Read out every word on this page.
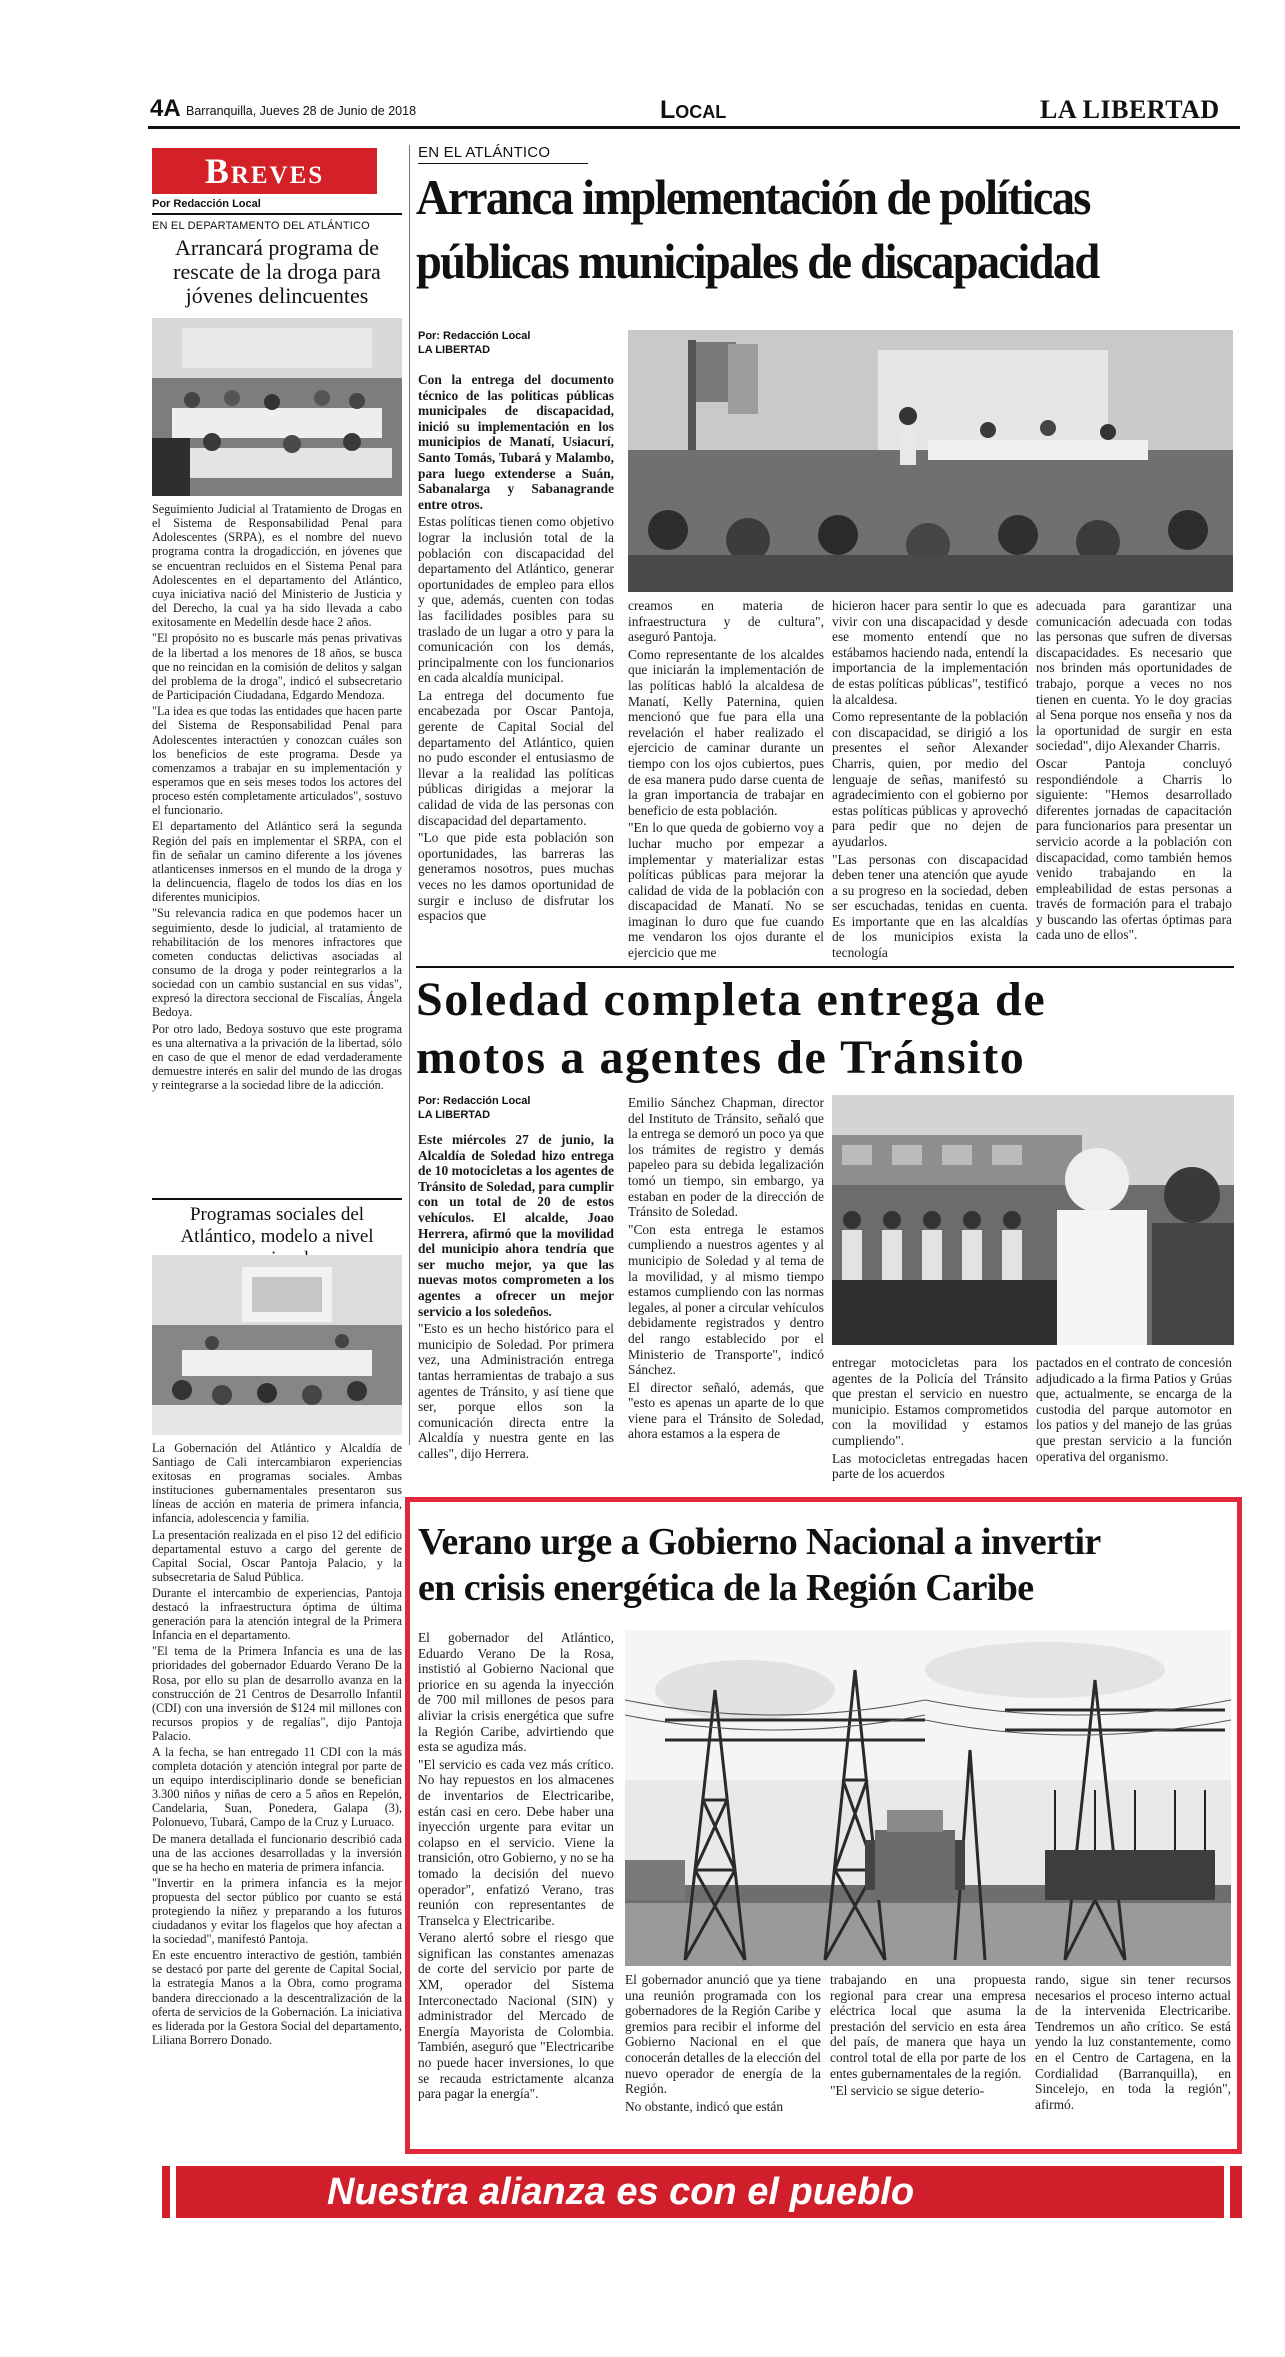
4A Barranquilla, Jueves 28 de Junio de 2018	Local	LA LIBERTAD
Breves
Por Redacción Local
EN EL DEPARTAMENTO DEL ATLÁNTICO
Arrancará programa de rescate de la droga para jóvenes delincuentes

Seguimiento Judicial al Tratamiento de Drogas en el Sistema de Responsabilidad Penal para Adolescentes (SRPA), es el nombre del nuevo programa contra la drogadicción, en jóvenes que se encuentran recluidos en el Sistema Penal para Adolescentes en el departamento del Atlántico, cuya iniciativa nació del Ministerio de Justicia y del Derecho, la cual ya ha sido llevada a cabo exitosamente en Medellín desde hace 2 años.

"El propósito no es buscarle más penas privativas de la libertad a los menores de 18 años, se busca que no reincidan en la comisión de delitos y salgan del problema de la droga", indicó el subsecretario de Participación Ciudadana, Edgardo Mendoza.

"La idea es que todas las entidades que hacen parte del Sistema de Responsabilidad Penal para Adolescentes interactúen y conozcan cuáles son los beneficios de este programa. Desde ya comenzamos a trabajar en su implementación y esperamos que en seis meses todos los actores del proceso estén completamente articulados", sostuvo el funcionario.

El departamento del Atlántico será la segunda Región del país en implementar el SRPA, con el fin de señalar un camino diferente a los jóvenes atlanticenses inmersos en el mundo de la droga y la delincuencia, flagelo de todos los días en los diferentes municipios.

"Su relevancia radica en que podemos hacer un seguimiento, desde lo judicial, al tratamiento de rehabilitación de los menores infractores que cometen conductas delictivas asociadas al consumo de la droga y poder reintegrarlos a la sociedad con un cambio sustancial en sus vidas", expresó la directora seccional de Fiscalías, Ángela Bedoya.

Por otro lado, Bedoya sostuvo que este programa es una alternativa a la privación de la libertad, sólo en caso de que el menor de edad verdaderamente demuestre interés en salir del mundo de las drogas y reintegrarse a la sociedad libre de la adicción.

Programas sociales del Atlántico, modelo a nivel

La Gobernación del Atlántico y Alcaldía de Santiago de Cali intercambiaron experiencias exitosas en programas sociales. Ambas instituciones gubernamentales presentaron sus líneas de acción en materia de primera infancia, infancia, adolescencia y familia.

La presentación realizada en el piso 12 del edificio departamental estuvo a cargo del gerente de Capital Social, Oscar Pantoja Palacio, y la subsecretaria de Salud Pública.

Durante el intercambio de experiencias, Pantoja destacó la infraestructura óptima de última generación para la atención integral de la Primera Infancia en el departamento.

"El tema de la Primera Infancia es una de las prioridades del gobernador Eduardo Verano De la Rosa, por ello su plan de desarrollo avanza en la construcción de 21 Centros de Desarrollo Infantil (CDI) con una inversión de $124 mil millones con recursos propios y de regalías", dijo Pantoja Palacio.

A la fecha, se han entregado 11 CDI con la más completa dotación y atención integral por parte de un equipo interdisciplinario donde se benefician 3.300 niños y niñas de cero a 5 años en Repelón, Candelaria, Suan, Ponedera, Galapa (3), Polonuevo, Tubará, Campo de la Cruz y Luruaco.

De manera detallada el funcionario describió cada una de las acciones desarrolladas y la inversión que se ha hecho en materia de primera infancia.

"Invertir en la primera infancia es la mejor propuesta del sector público por cuanto se está protegiendo la niñez y preparando a los futuros ciudadanos y evitar los flagelos que hoy afectan a la sociedad", manifestó Pantoja.

En este encuentro interactivo de gestión, también se destacó por parte del gerente de Capital Social, la estrategia Manos a la Obra, como programa bandera direccionado a la descentralización de la oferta de servicios de la Gobernación. La iniciativa es liderada por la Gestora Social del departamento, Liliana Borrero Donado.

EN EL ATLÁNTICO
Arranca implementación de políticas
públicas municipales de discapacidad
Por: Redacción Local
LA LIBERTAD

Con la entrega del documento técnico de las políticas públicas municipales de discapacidad, inició su implementación en los municipios de Manatí, Usiacurí, Santo Tomás, Tubará y Malambo, para luego extenderse a Suán, Sabanalarga y Sabanagrande entre otros.

Estas políticas tienen como objetivo lograr la inclusión total de la población con discapacidad del departamento del Atlántico, generar oportunidades de empleo para ellos y que, además, cuenten con todas las facilidades posibles para su traslado de un lugar a otro y para la comunicación con los demás, principalmente con los funcionarios en cada alcaldía municipal.

La entrega del documento fue encabezada por Oscar Pantoja, gerente de Capital Social del departamento del Atlántico, quien no pudo esconder el entusiasmo de llevar a la realidad las políticas públicas dirigidas a mejorar la calidad de vida de las personas con discapacidad del departamento.

"Lo que pide esta población son oportunidades, las barreras las generamos nosotros, pues muchas veces no les damos oportunidad de surgir e incluso de disfrutar los espacios que

creamos en materia de infraestructura y de cultura", aseguró Pantoja.

Como representante de los alcaldes que iniciarán la implementación de las políticas habló la alcaldesa de Manatí, Kelly Paternina, quien mencionó que fue para ella una revelación el haber realizado el ejercicio de caminar durante un tiempo con los ojos cubiertos, pues de esa manera pudo darse cuenta de la gran importancia de trabajar en beneficio de esta población.

"En lo que queda de gobierno voy a luchar mucho por empezar a implementar y materializar estas políticas públicas para mejorar la calidad de vida de la población con discapacidad de Manatí. No se imaginan lo duro que fue cuando me vendaron los ojos durante el ejercicio que me

hicieron hacer para sentir lo que es vivir con una discapacidad y desde ese momento entendí que no estábamos haciendo nada, entendí la importancia de la implementación de estas políticas públicas", testificó la alcaldesa.

Como representante de la población con discapacidad, se dirigió a los presentes el señor Alexander Charris, quien, por medio del lenguaje de señas, manifestó su agradecimiento con el gobierno por estas políticas públicas y aprovechó para pedir que no dejen de ayudarlos.

"Las personas con discapacidad deben tener una atención que ayude a su progreso en la sociedad, deben ser escuchadas, tenidas en cuenta. Es importante que en las alcaldías de los municipios exista la tecnología

adecuada para garantizar una comunicación adecuada con todas las personas que sufren de diversas discapacidades. Es necesario que nos brinden más oportunidades de trabajo, porque a veces no nos tienen en cuenta. Yo le doy gracias al Sena porque nos enseña y nos da la oportunidad de surgir en esta sociedad", dijo Alexander Charris.

Oscar Pantoja concluyó respondiéndole a Charris lo siguiente: "Hemos desarrollado diferentes jornadas de capacitación para funcionarios para presentar un servicio acorde a la población con discapacidad, como también hemos venido trabajando en la empleabilidad de estas personas a través de formación para el trabajo y buscando las ofertas óptimas para cada uno de ellos".

Soledad completa entrega de
motos a agentes de Tránsito
Por: Redacción Local
LA LIBERTAD

Este miércoles 27 de junio, la Alcaldía de Soledad hizo entrega de 10 motocicletas a los agentes de Tránsito de Soledad, para cumplir con un total de 20 de estos vehículos. El alcalde, Joao Herrera, afirmó que la movilidad del municipio ahora tendría que ser mucho mejor, ya que las nuevas motos comprometen a los agentes a ofrecer un mejor servicio a los soledeños.

"Esto es un hecho histórico para el municipio de Soledad. Por primera vez, una Administración entrega tantas herramientas de trabajo a sus agentes de Tránsito, y así tiene que ser, porque ellos son la comunicación directa entre la Alcaldía y nuestra gente en las calles", dijo Herrera.

Emilio Sánchez Chapman, director del Instituto de Tránsito, señaló que la entrega se demoró un poco ya que los trámites de registro y demás papeleo para su debida legalización tomó un tiempo, sin embargo, ya estaban en poder de la dirección de Tránsito de Soledad.

"Con esta entrega le estamos cumpliendo a nuestros agentes y al municipio de Soledad y al tema de la movilidad, y al mismo tiempo estamos cumpliendo con las normas legales, al poner a circular vehículos debidamente registrados y dentro del rango establecido por el Ministerio de Transporte", indicó Sánchez.

El director señaló, además, que "esto es apenas un aparte de lo que viene para el Tránsito de Soledad, ahora estamos a la espera de

entregar motocicletas para los agentes de la Policía del Tránsito que prestan el servicio en nuestro municipio. Estamos comprometidos con la movilidad y estamos cumpliendo".

Las motocicletas entregadas hacen parte de los acuerdos

pactados en el contrato de concesión adjudicado a la firma Patios y Grúas que, actualmente, se encarga de la custodia del parque automotor en los patios y del manejo de las grúas que prestan servicio a la función operativa del organismo.

Verano urge a Gobierno Nacional a invertir
en crisis energética de la Región Caribe

El gobernador del Atlántico, Eduardo Verano De la Rosa, instistió al Gobierno Nacional que priorice en su agenda la inyección de 700 mil millones de pesos para aliviar la crisis energética que sufre la Región Caribe, advirtiendo que esta se agudiza más.

"El servicio es cada vez más crítico. No hay repuestos en los almacenes de inventarios de Electricaribe, están casi en cero. Debe haber una inyección urgente para evitar un colapso en el servicio. Viene la transición, otro Gobierno, y no se ha tomado la decisión del nuevo operador", enfatizó Verano, tras reunión con representantes de Transelca y Electricaribe.

Verano alertó sobre el riesgo que significan las constantes amenazas de corte del servicio por parte de XM, operador del Sistema Interconectado Nacional (SIN) y administrador del Mercado de Energía Mayorista de Colombia. También, aseguró que "Electricaribe no puede hacer inversiones, lo que se recauda estrictamente alcanza para pagar la energía".

El gobernador anunció que ya tiene una reunión programada con los gobernadores de la Región Caribe y gremios para recibir el informe del Gobierno Nacional en el que conocerán detalles de la elección del nuevo operador de energía de la Región.

No obstante, indicó que están

trabajando en una propuesta regional para crear una empresa eléctrica local que asuma la prestación del servicio en esta área del país, de manera que haya un control total de ella por parte de los entes gubernamentales de la región.

"El servicio se sigue deterio-

rando, sigue sin tener recursos necesarios el proceso interno actual de la intervenida Electricaribe. Tendremos un año crítico. Se está yendo la luz constantemente, como en el Centro de Cartagena, en la Cordialidad (Barranquilla), en Sincelejo, en toda la región", afirmó.

Nuestra alianza es con el pueblo
